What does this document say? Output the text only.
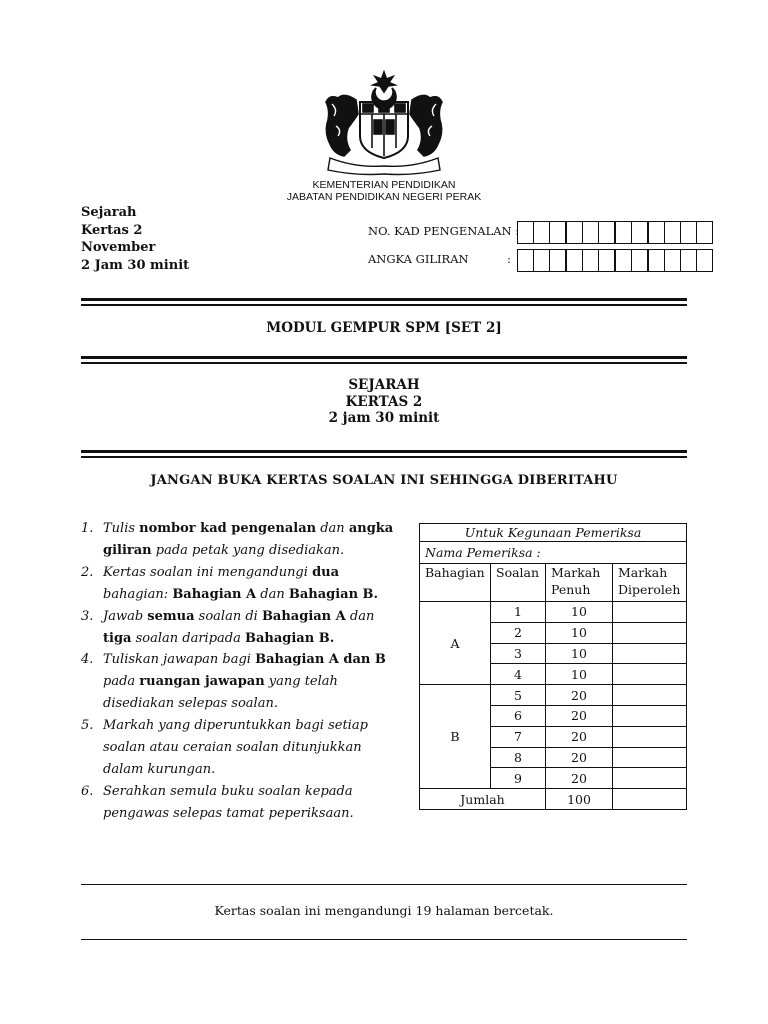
KEMENTERIAN PENDIDIKAN
JABATAN PENDIDIKAN NEGERI PERAK
Sejarah
Kertas 2
November
2 Jam 30 minit
NO. KAD PENGENALAN :
ANGKA GILIRAN	:
MODUL GEMPUR SPM [SET 2]
SEJARAH
KERTAS 2
2 jam 30 minit
JANGAN BUKA KERTAS SOALAN INI SEHINGGA DIBERITAHU
1. Tulis nombor kad pengenalan dan angka giliran pada petak yang disediakan.
2. Kertas soalan ini mengandungi dua bahagian: Bahagian A dan Bahagian B.
3. Jawab semua soalan di Bahagian A dan tiga soalan daripada Bahagian B.
4. Tuliskan jawapan bagi Bahagian A dan B pada ruangan jawapan yang telah disediakan selepas soalan.
5. Markah yang diperuntukkan bagi setiap soalan atau ceraian soalan ditunjukkan dalam kurungan.
6. Serahkan semula buku soalan kepada pengawas selepas tamat peperiksaan.
Untuk Kegunaan Pemeriksa			
Nama Pemeriksa :			
Bahagian	Soalan	Markah Penuh	Markah Diperoleh
A	1	10	
	2	10	
	3	10	
	4	10	
B	5	20	
	6	20	
	7	20	
	8	20	
	9	20	
Jumlah		100	
Kertas soalan ini mengandungi 19 halaman bercetak.
